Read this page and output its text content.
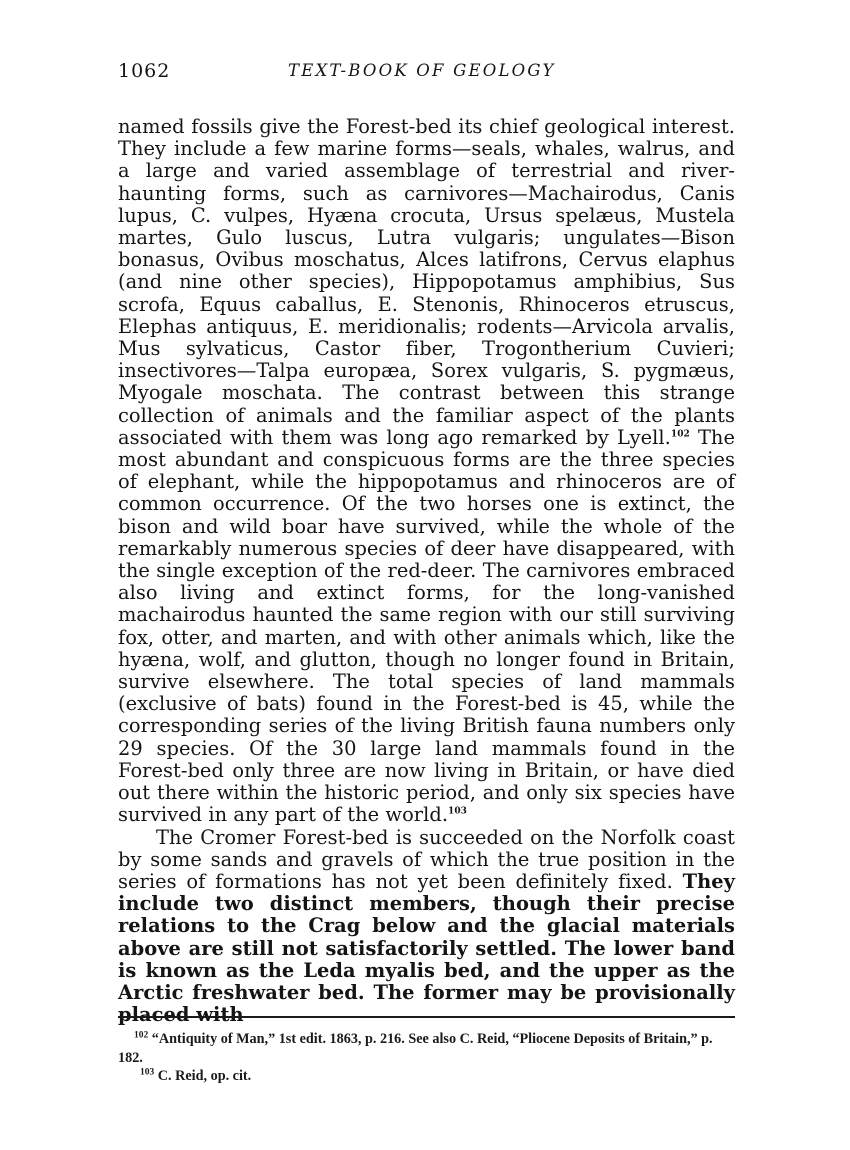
1062	TEXT-BOOK OF GEOLOGY

named fossils give the Forest-bed its chief geological interest. They include a few marine forms—seals, whales, walrus, and a large and varied assemblage of terrestrial and river-haunting forms, such as carnivores—Machairodus, Canis lupus, C. vulpes, Hyæna crocuta, Ursus spelæus, Mustela martes, Gulo luscus, Lutra vulgaris; ungulates—Bison bonasus, Ovibus moschatus, Alces latifrons, Cervus elaphus (and nine other species), Hippopotamus amphibius, Sus scrofa, Equus caballus, E. Stenonis, Rhinoceros etruscus, Elephas antiquus, E. meridionalis; rodents—Arvicola arvalis, Mus sylvaticus, Castor fiber, Trogontherium Cuvieri; insectivores—Talpa europæa, Sorex vulgaris, S. pygmæus, Myogale moschata. The contrast between this strange collection of animals and the familiar aspect of the plants associated with them was long ago remarked by Lyell.$^{102}$ The most abundant and conspicuous forms are the three species of elephant, while the hippopotamus and rhinoceros are of common occurrence. Of the two horses one is extinct, the bison and wild boar have survived, while the whole of the remarkably numerous species of deer have disappeared, with the single exception of the red-deer. The carnivores embraced also living and extinct forms, for the long-vanished machairodus haunted the same region with our still surviving fox, otter, and marten, and with other animals which, like the hyæna, wolf, and glutton, though no longer found in Britain, survive elsewhere. The total species of land mammals (exclusive of bats) found in the Forest-bed is 45, while the corresponding series of the living British fauna numbers only 29 species. Of the 30 large land mammals found in the Forest-bed only three are now living in Britain, or have died out there within the historic period, and only six species have survived in any part of the world.$^{103}$

The Cromer Forest-bed is succeeded on the Norfolk coast by some sands and gravels of which the true position in the series of formations has not yet been definitely fixed. They include two distinct members, though their precise relations to the Crag below and the glacial materials above are still not satisfactorily settled. The lower band is known as the Leda myalis bed, and the upper as the Arctic freshwater bed. The former may be provisionally placed with

$^{102}$ “Antiquity of Man,” 1st edit. 1863, p. 216. See also C. Reid, “Pliocene Deposits of Britain,” p. 182.

$^{103}$ C. Reid, op. cit.
